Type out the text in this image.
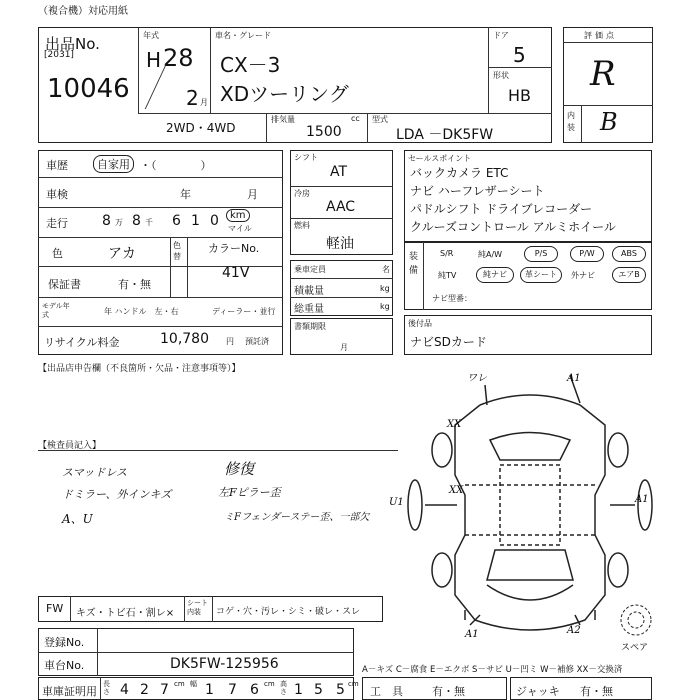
（複合機）対応用紙
出品No.
[2031]
10046
年式
H 28
2 月
車名・グレード
CX－3
XDツーリング
ドア
5
形状
HB
2WD・4WD
排気量	cc
1500
型式
LDA －DK5FW
評価点
R
内装 B
車歴	自家用 ・（　　　　）
車検	年	月
走行 8 万 8 千 6 1 0	km
マイル
色	アカ
色替
カラーNo.
41V
保証書	有・無
モデル年式	年 ハンドル　左・右	ディーラー・並行
リサイクル料金	10,780 円 預託済
シフト
AT
冷房
AAC
燃料
軽油
乗車定員	名
積載量	kg
総重量	kg
書類期限
月
セールスポイント
バックカメラ ETC
ナビ ハーフレザーシート
パドルシフト ドライブレコーダー
クルーズコントロール アルミホイール
装備
S/R	純A/W	P/S	P/W	ABS
純TV	純ナビ	革シート	外ナビ	エアB
ナビ型番：
後付品
ナビSDカード
【出品店申告欄（不良箇所・欠品・注意事項等）】
【検査員記入】
スマッドレス
ドミラー、外インキズ
A、U
修復
左Fピラー歪
ミFフェンダーステー歪、一部欠
ワレ	A1
XX
XX
U1	A1
A1	A2
スペア
FW キズ・トビ石・割レ×
シート内装	コゲ・穴・汚レ・シミ・破レ・スレ
登録No.
車台No.	DK5FW-125956	A－キズ C－腐食 E－エクボ S－サビ U－凹ミ W－補修 XX－交換済
車庫証明用
長さ 4 2 7 cm 幅 1 7 6 cm 高さ 1 5 5 cm
工　具	有・無	ジャッキ 有・無
